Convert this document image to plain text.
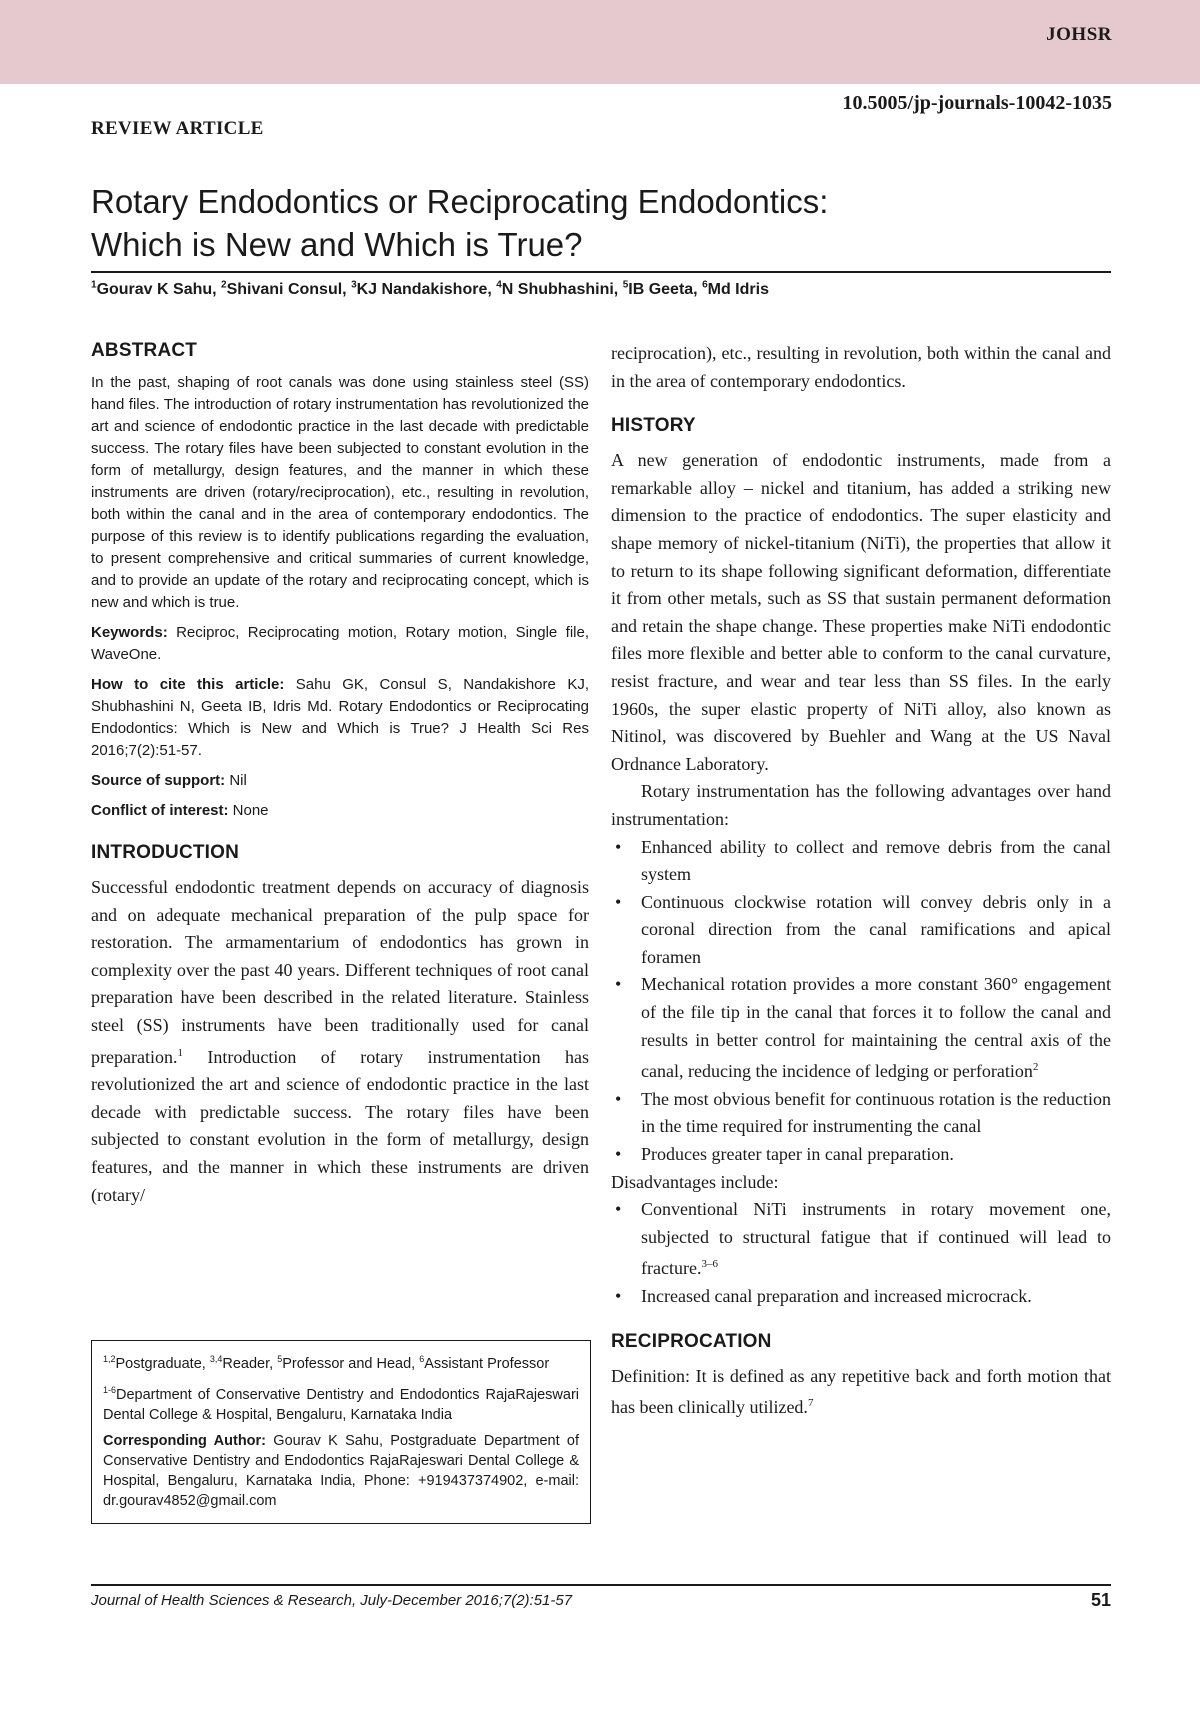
JOHSR
10.5005/jp-journals-10042-1035
REVIEW ARTICLE
Rotary Endodontics or Reciprocating Endodontics:
Which is New and Which is True?
$^1$Gourav K Sahu, $^2$Shivani Consul, $^3$KJ Nandakishore, $^4$N Shubhashini, $^5$IB Geeta, $^6$Md Idris
ABSTRACT

In the past, shaping of root canals was done using stainless steel (SS) hand files. The introduction of rotary instrumentation has revolutionized the art and science of endodontic practice in the last decade with predictable success. The rotary files have been subjected to constant evolution in the form of metallurgy, design features, and the manner in which these instruments are driven (rotary/reciprocation), etc., resulting in revolution, both within the canal and in the area of contemporary endodontics. The purpose of this review is to identify publications regarding the evaluation, to present comprehensive and critical summaries of current knowledge, and to provide an update of the rotary and reciprocating concept, which is new and which is true.

Keywords: Reciproc, Reciprocating motion, Rotary motion, Single file, WaveOne.

How to cite this article: Sahu GK, Consul S, Nandakishore KJ, Shubhashini N, Geeta IB, Idris Md. Rotary Endodontics or Reciprocating Endodontics: Which is New and Which is True? J Health Sci Res 2016;7(2):51-57.

Source of support: Nil

Conflict of interest: None

INTRODUCTION

Successful endodontic treatment depends on accuracy of diagnosis and on adequate mechanical preparation of the pulp space for restoration. The armamentarium of endodontics has grown in complexity over the past 40 years. Different techniques of root canal preparation have been described in the related literature. Stainless steel (SS) instruments have been traditionally used for canal preparation.$^1$ Introduction of rotary instrumentation has revolutionized the art and science of endodontic practice in the last decade with predictable success. The rotary files have been subjected to constant evolution in the form of metallurgy, design features, and the manner in which these instruments are driven (rotary/

$^{1,2}$Postgraduate, $^{3,4}$Reader, $^5$Professor and Head, $^6$Assistant Professor

$^{1-6}$Department of Conservative Dentistry and Endodontics RajaRajeswari Dental College & Hospital, Bengaluru, Karnataka India

Corresponding Author: Gourav K Sahu, Postgraduate Department of Conservative Dentistry and Endodontics RajaRajeswari Dental College & Hospital, Bengaluru, Karnataka India, Phone: +919437374902, e-mail: dr.gourav4852@gmail.com

reciprocation), etc., resulting in revolution, both within the canal and in the area of contemporary endodontics.

HISTORY

A new generation of endodontic instruments, made from a remarkable alloy – nickel and titanium, has added a striking new dimension to the practice of endodontics. The super elasticity and shape memory of nickel-titanium (NiTi), the properties that allow it to return to its shape following significant deformation, differentiate it from other metals, such as SS that sustain permanent deformation and retain the shape change. These properties make NiTi endodontic files more flexible and better able to conform to the canal curvature, resist fracture, and wear and tear less than SS files. In the early 1960s, the super elastic property of NiTi alloy, also known as Nitinol, was discovered by Buehler and Wang at the US Naval Ordnance Laboratory.

Rotary instrumentation has the following advantages over hand instrumentation:

• Enhanced ability to collect and remove debris from the canal system
• Continuous clockwise rotation will convey debris only in a coronal direction from the canal ramifications and apical foramen
• Mechanical rotation provides a more constant 360° engagement of the file tip in the canal that forces it to follow the canal and results in better control for maintaining the central axis of the canal, reducing the incidence of ledging or perforation$^2$
• The most obvious benefit for continuous rotation is the reduction in the time required for instrumenting the canal
• Produces greater taper in canal preparation.

Disadvantages include:

• Conventional NiTi instruments in rotary movement one, subjected to structural fatigue that if continued will lead to fracture.$^{3-6}$
• Increased canal preparation and increased microcrack.
RECIPROCATION

Definition: It is defined as any repetitive back and forth motion that has been clinically utilized.$^7$

Journal of Health Sciences & Research, July-December 2016;7(2):51-57	51
